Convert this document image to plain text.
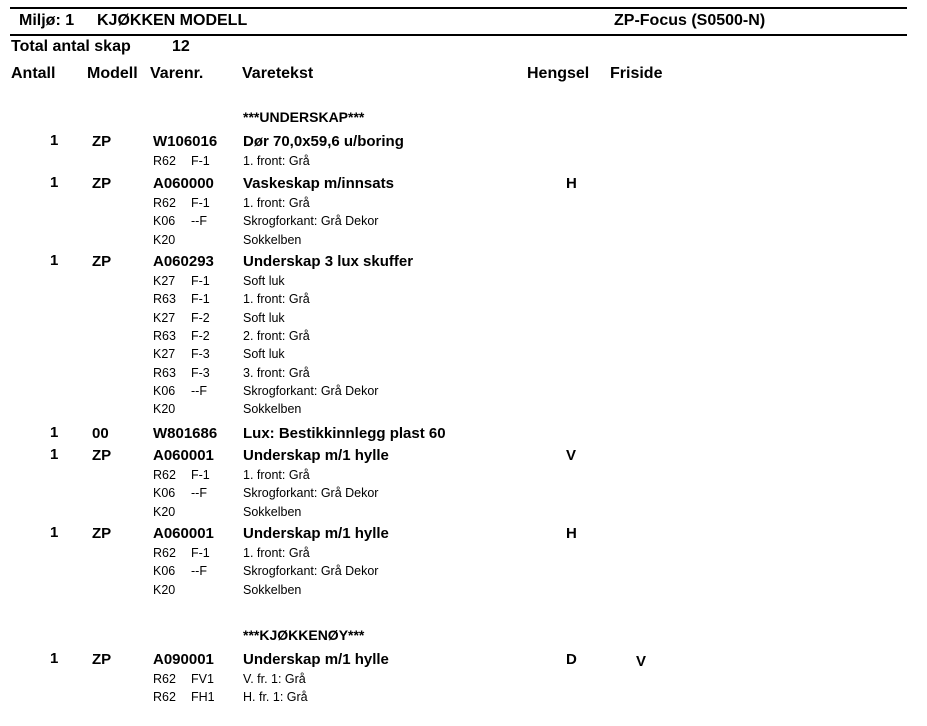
Miljø: 1 KJØKKEN MODELL	ZP-Focus (S0500-N)
Total antal skap	12
Antall Modell Varenr. Varetekst	Hengsel Friside
***UNDERSKAP***
1 ZP	W106016 Dør 70,0x59,6 u/boring
R62 F-1	1. front: Grå
1 ZP	A060000 Vaskeskap m/innsats	H
R62 F-1	1. front: Grå
K06 --F	Skrogforkant: Grå Dekor
K20	Sokkelben
1 ZP	A060293 Underskap 3 lux skuffer
K27 F-1	Soft luk
R63 F-1	1. front: Grå
K27 F-2	Soft luk
R63 F-2	2. front: Grå
K27 F-3	Soft luk
R63 F-3	3. front: Grå
K06 --F	Skrogforkant: Grå Dekor
K20	Sokkelben
1 00	W801686 Lux: Bestikkinnlegg plast 60
1 ZP	A060001 Underskap m/1 hylle	V
R62 F-1	1. front: Grå
K06 --F	Skrogforkant: Grå Dekor
K20	Sokkelben
1 ZP	A060001 Underskap m/1 hylle	H
R62 F-1	1. front: Grå
K06 --F	Skrogforkant: Grå Dekor
K20	Sokkelben
***KJØKKENØY***
1 ZP	A090001 Underskap m/1 hylle	D	V
R62 FV1 V. fr. 1: Grå
R62 FH1 H. fr. 1: Grå
